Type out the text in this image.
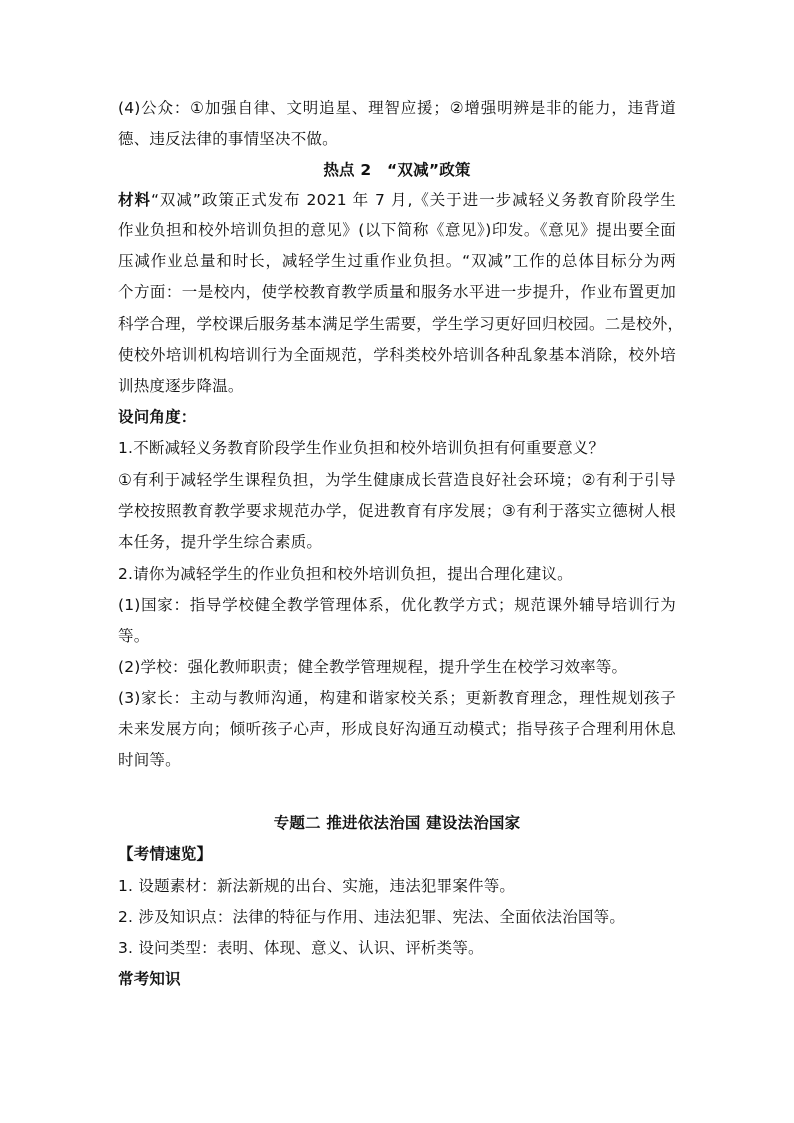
(4)公众：①加强自律、文明追星、理智应援；②增强明辨是非的能力，违背道
德、违反法律的事情坚决不做。
热点 2　“双减”政策
材料“双减”政策正式发布 2021 年 7 月,《关于进一步减轻义务教育阶段学生
作业负担和校外培训负担的意见》(以下简称《意见》)印发。《意见》提出要全面
压减作业总量和时长，减轻学生过重作业负担。“双减”工作的总体目标分为两
个方面：一是校内，使学校教育教学质量和服务水平进一步提升，作业布置更加
科学合理，学校课后服务基本满足学生需要，学生学习更好回归校园。二是校外，
使校外培训机构培训行为全面规范，学科类校外培训各种乱象基本消除，校外培
训热度逐步降温。
设问角度：
1.不断减轻义务教育阶段学生作业负担和校外培训负担有何重要意义？
①有利于减轻学生课程负担，为学生健康成长营造良好社会环境；②有利于引导
学校按照教育教学要求规范办学，促进教育有序发展；③有利于落实立德树人根
本任务，提升学生综合素质。
2.请你为减轻学生的作业负担和校外培训负担，提出合理化建议。
(1)国家：指导学校健全教学管理体系，优化教学方式；规范课外辅导培训行为
等。
(2)学校：强化教师职责；健全教学管理规程，提升学生在校学习效率等。
(3)家长：主动与教师沟通，构建和谐家校关系；更新教育理念，理性规划孩子
未来发展方向；倾听孩子心声，形成良好沟通互动模式；指导孩子合理利用休息
时间等。
专题二 推进依法治国 建设法治国家
【考情速览】
1. 设题素材：新法新规的出台、实施，违法犯罪案件等。
2. 涉及知识点：法律的特征与作用、违法犯罪、宪法、全面依法治国等。
3. 设问类型：表明、体现、意义、认识、评析类等。
常考知识
